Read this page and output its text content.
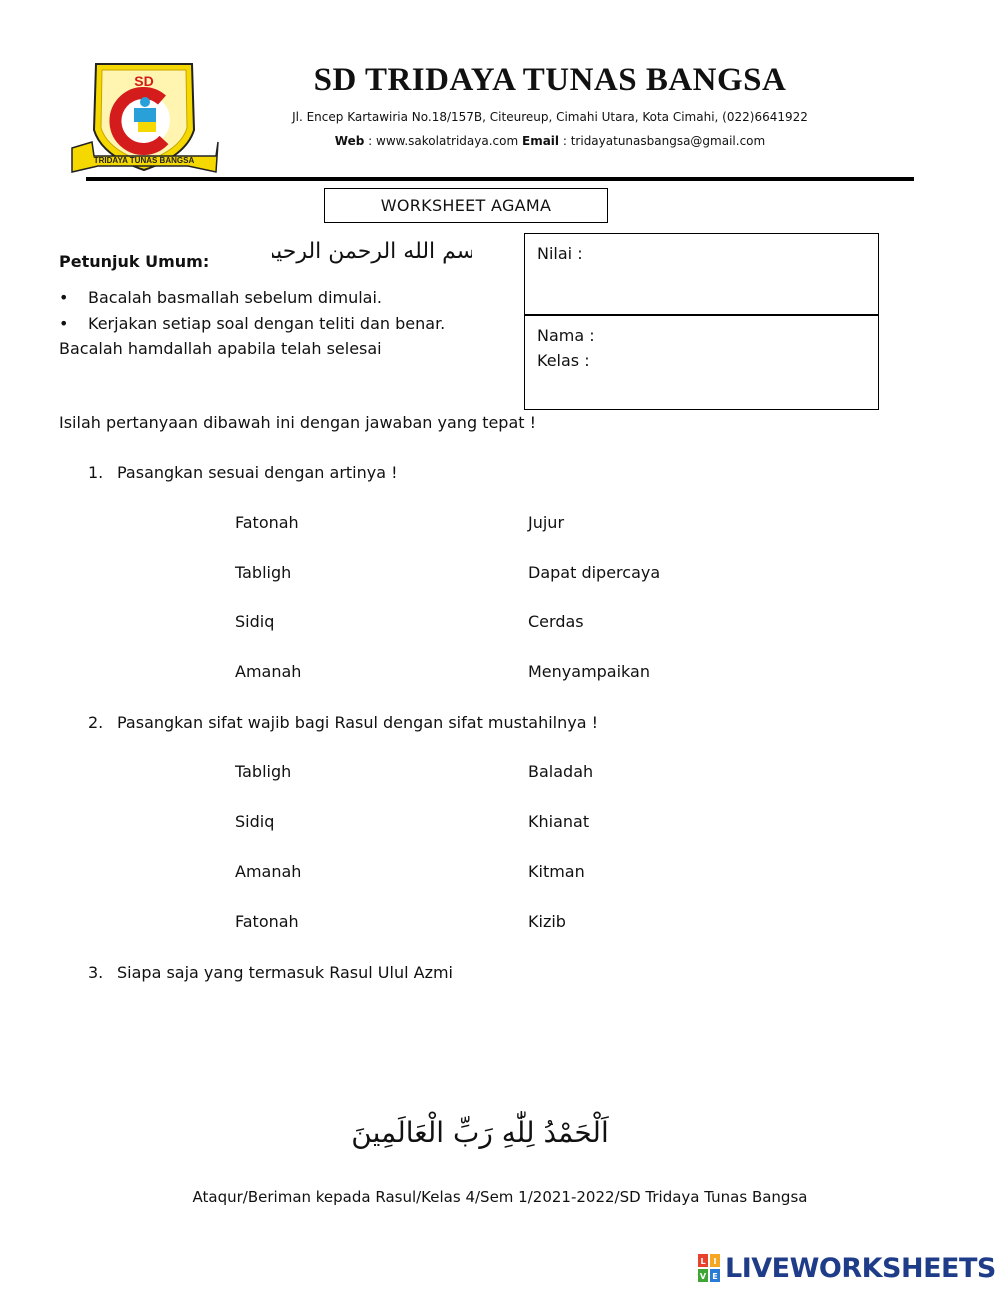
SD
TRIDAYA TUNAS BANGSA
SD TRIDAYA TUNAS BANGSA
Jl. Encep Kartawiria No.18/157B, Citeureup, Cimahi Utara, Kota Cimahi, (022)6641922
Web : www.sakolatridaya.com Email : tridayatunasbangsa@gmail.com
WORKSHEET AGAMA
Petunjuk Umum: بسم الله الرحمن الرحيم
• Bacalah basmallah sebelum dimulai.
• Kerjakan setiap soal dengan teliti dan benar.
Bacalah hamdallah apabila telah selesai
Nilai :
Nama :
Kelas :
Isilah pertanyaan dibawah ini dengan jawaban yang tepat !
1. Pasangkan sesuai dengan artinya !
Fatonah
Tabligh
Sidiq
Amanah
Jujur
Dapat dipercaya
Cerdas
Menyampaikan
2. Pasangkan sifat wajib bagi Rasul dengan sifat mustahilnya !
Tabligh
Sidiq
Amanah
Fatonah
Baladah
Khianat
Kitman
Kizib
3. Siapa saja yang termasuk Rasul Ulul Azmi
اَلْحَمْدُ لِلّٰهِ رَبِّ الْعَالَمِينَ
Ataqur/Beriman kepada Rasul/Kelas 4/Sem 1/2021-2022/SD Tridaya Tunas Bangsa
L I
V E LIVEWORKSHEETS
